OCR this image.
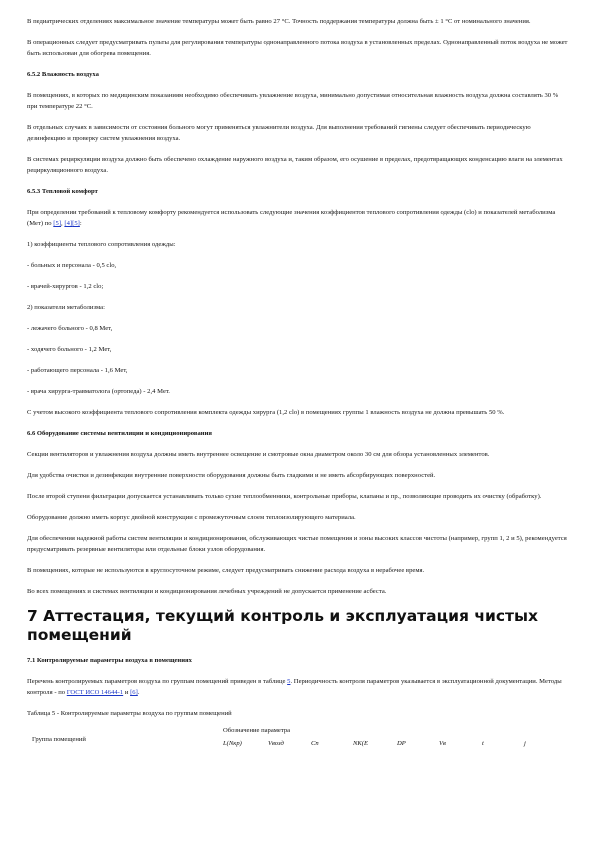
В педиатрических отделениях максимальное значение температуры может быть равно 27 °С. Точность поддержания температуры должна быть ± 1 °С от номинального значения.

В операционных следует предусматривать пульты для регулирования температуры однонаправленного потока воздуха в установленных пределах. Однонаправленный поток воздуха не может быть использован для обогрева помещения.

6.5.2 Влажность воздуха

В помещениях, в которых по медицинским показаниям необходимо обеспечивать увлажнение воздуха, минимально допустимая относительная влажность воздуха должна составлять 30 % при температуре 22 °С.

В отдельных случаях в зависимости от состояния больного могут применяться увлажнители воздуха. Для выполнения требований гигиены следует обеспечивать периодическую дезинфекцию и проверку систем увлажнения воздуха.

В системах рециркуляции воздуха должно быть обеспечено охлаждение наружного воздуха и, таким образом, его осушение в пределах, предотвращающих конденсацию влаги на элементах рециркуляционного воздуха.

6.5.3 Тепловой комфорт

При определении требований к тепловому комфорту рекомендуется использовать следующие значения коэффициентов теплового сопротивления одежды (clo) и показателей метаболизма (Мет) по [5], [4][5]:

1) коэффициенты теплового сопротивления одежды:

- больных и персонала - 0,5 clo,

- врачей-хирургов - 1,2 clo;

2) показатели метаболизма:

- лежачего больного - 0,8 Мет,

- ходячего больного - 1,2 Мет,

- работающего персонала - 1,6 Мет,

- врача хирурга-травматолога (ортопеда) - 2,4 Мет.

С учетом высокого коэффициента теплового сопротивления комплекта одежды хирурга (1,2 clo) в помещениях группы 1 влажность воздуха не должна превышать 50 %.

6.6 Оборудование системы вентиляции и кондиционирования

Секции вентиляторов и увлажнения воздуха должны иметь внутреннее освещение и смотровые окна диаметром около 30 см для обзора установленных элементов.

Для удобства очистки и дезинфекции внутренние поверхности оборудования должны быть гладкими и не иметь абсорбирующих поверхностей.

После второй ступени фильтрации допускается устанавливать только сухие теплообменники, контрольные приборы, клапаны и пр., позволяющие проводить их очистку (обработку).

Оборудование должно иметь корпус двойной конструкции с промежуточным слоем теплоизолирующего материала.

Для обеспечения надежной работы систем вентиляции и кондиционирования, обслуживающих чистые помещения и зоны высоких классов чистоты (например, групп 1, 2 и 5), рекомендуется предусматривать резервные вентиляторы или отдельные блоки узлов оборудования.

В помещениях, которые не используются в круглосуточном режиме, следует предусматривать снижение расхода воздуха в нерабочее время.

Во всех помещениях и системах вентиляции и кондиционирования лечебных учреждений не допускается применение асбеста.

7 Аттестация, текущий контроль и эксплуатация чистых помещений
7.1 Контролируемые параметры воздуха в помещениях

Перечень контролируемых параметров воздуха по группам помещений приведен в таблице 5. Периодичность контроля параметров указывается в эксплуатационной документации. Методы контроля - по ГОСТ ИСО 14644-1 и [6].

Таблица 5 - Контролируемые параметры воздуха по группам помещений

Группа помещений
Обозначение параметра
L(Nкр)	Vвозд	Cn	NK(E	DP	Vв	t	j
